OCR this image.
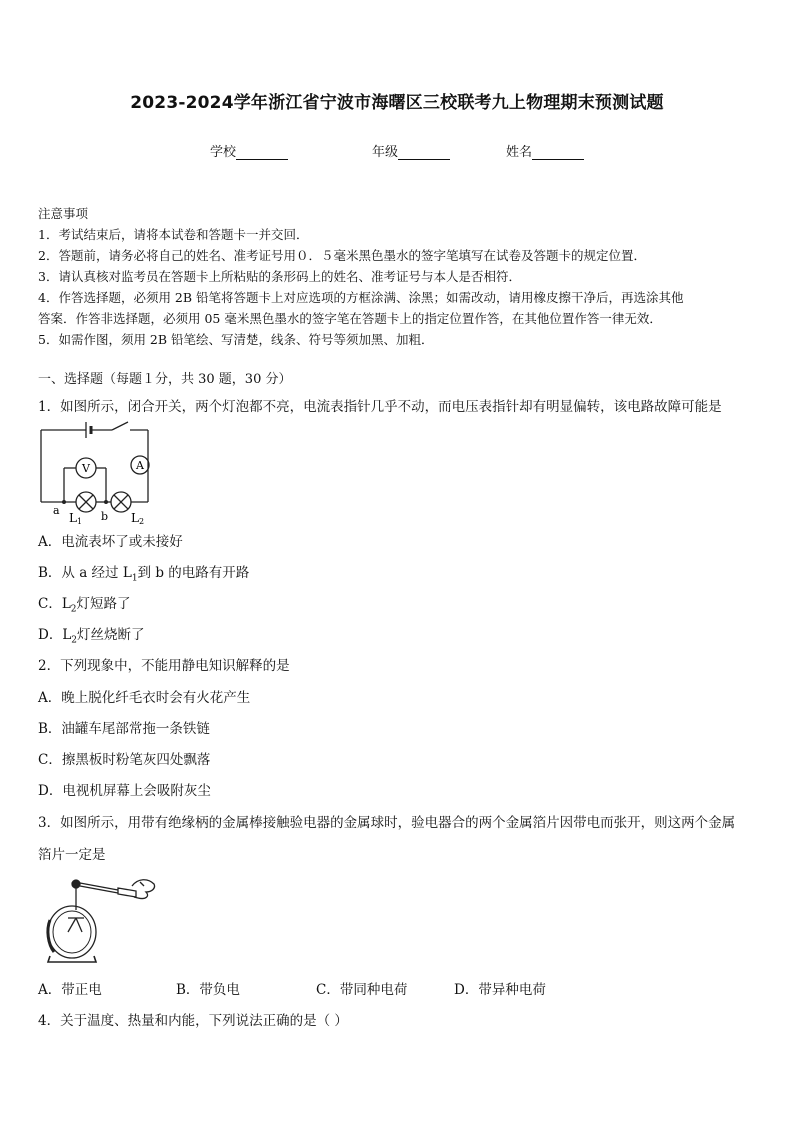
2023-2024学年浙江省宁波市海曙区三校联考九上物理期末预测试题
学校	年级	姓名
注意事项
1．考试结束后，请将本试卷和答题卡一并交回．
2．答题前，请务必将自己的姓名、准考证号用０．５毫米黑色墨水的签字笔填写在试卷及答题卡的规定位置．
3．请认真核对监考员在答题卡上所粘贴的条形码上的姓名、准考证号与本人是否相符．
4．作答选择题，必须用 2B 铅笔将答题卡上对应选项的方框涂满、涂黑；如需改动，请用橡皮擦干净后，再选涂其他
答案．作答非选择题，必须用 05 毫米黑色墨水的签字笔在答题卡上的指定位置作答，在其他位置作答一律无效．
5．如需作图，须用 2B 铅笔绘、写清楚，线条、符号等须加黑、加粗．
一、选择题（每题１分，共 30 题，30 分）
1．如图所示，闭合开关，两个灯泡都不亮，电流表指针几乎不动，而电压表指针却有明显偏转，该电路故障可能是
V	A
a	b
L 1	L 2
A．电流表坏了或未接好
B．从 a 经过 $L_1$到 b 的电路有开路
C．$L_2$灯短路了
D．$L_2$灯丝烧断了
2．下列现象中，不能用静电知识解释的是
A．晚上脱化纤毛衣时会有火花产生
B．油罐车尾部常拖一条铁链
C．擦黑板时粉笔灰四处飘落
D．电视机屏幕上会吸附灰尘
3．如图所示，用带有绝缘柄的金属棒接触验电器的金属球时，验电器合的两个金属箔片因带电而张开，则这两个金属
箔片一定是
A．带正电	B．带负电	C．带同种电荷	D．带异种电荷
4．关于温度、热量和内能，下列说法正确的是（ ）
